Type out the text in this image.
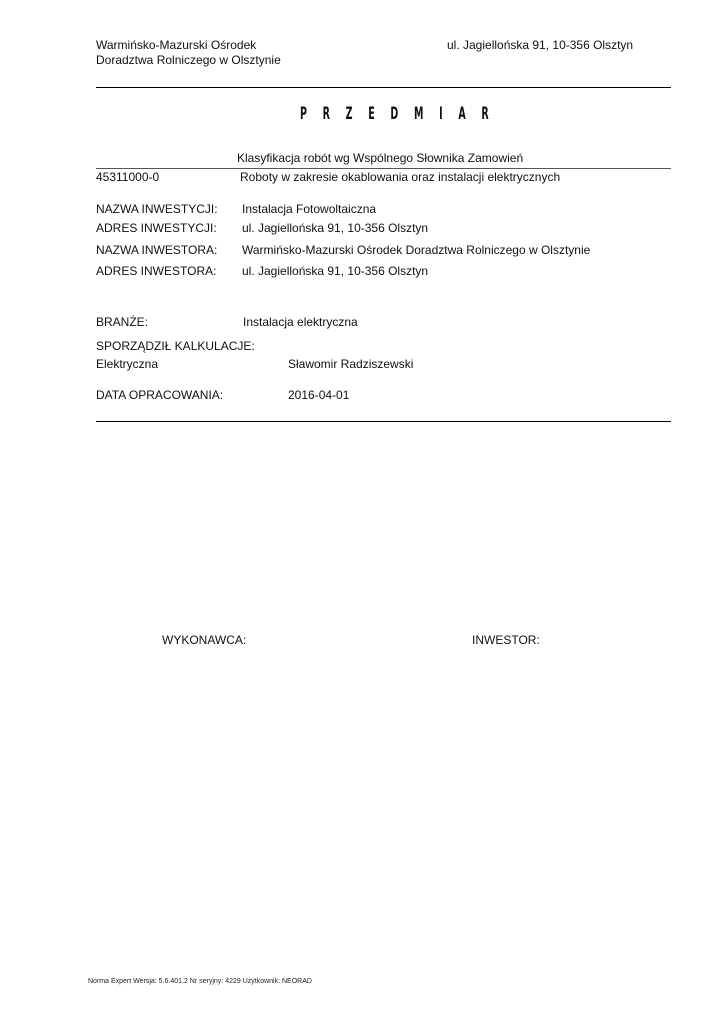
Warmińsko-Mazurski Ośrodek
Doradztwa Rolniczego w Olsztynie
ul. Jagiellońska 91, 10-356 Olsztyn
P R Z E D M I A R
Klasyfikacja robót wg Wspólnego Słownika Zamowień
45311000-0	Roboty w zakresie okablowania oraz instalacji elektrycznych
NAZWA INWESTYCJI: Instalacja Fotowoltaiczna
ADRES INWESTYCJI: ul. Jagiellońska 91, 10-356 Olsztyn
NAZWA INWESTORA: Warmińsko-Mazurski Ośrodek Doradztwa Rolniczego w Olsztynie
ADRES INWESTORA: ul. Jagiellońska 91, 10-356 Olsztyn
BRANŻE:	Instalacja elektryczna
SPORZĄDZIŁ KALKULACJE:
Elektryczna	Sławomir Radziszewski
DATA OPRACOWANIA:	2016-04-01
WYKONAWCA:	INWESTOR:
Norma Expert Wersja: 5.6.401.2 Nr seryjny: 4229 Użytkownik: NEORAD
